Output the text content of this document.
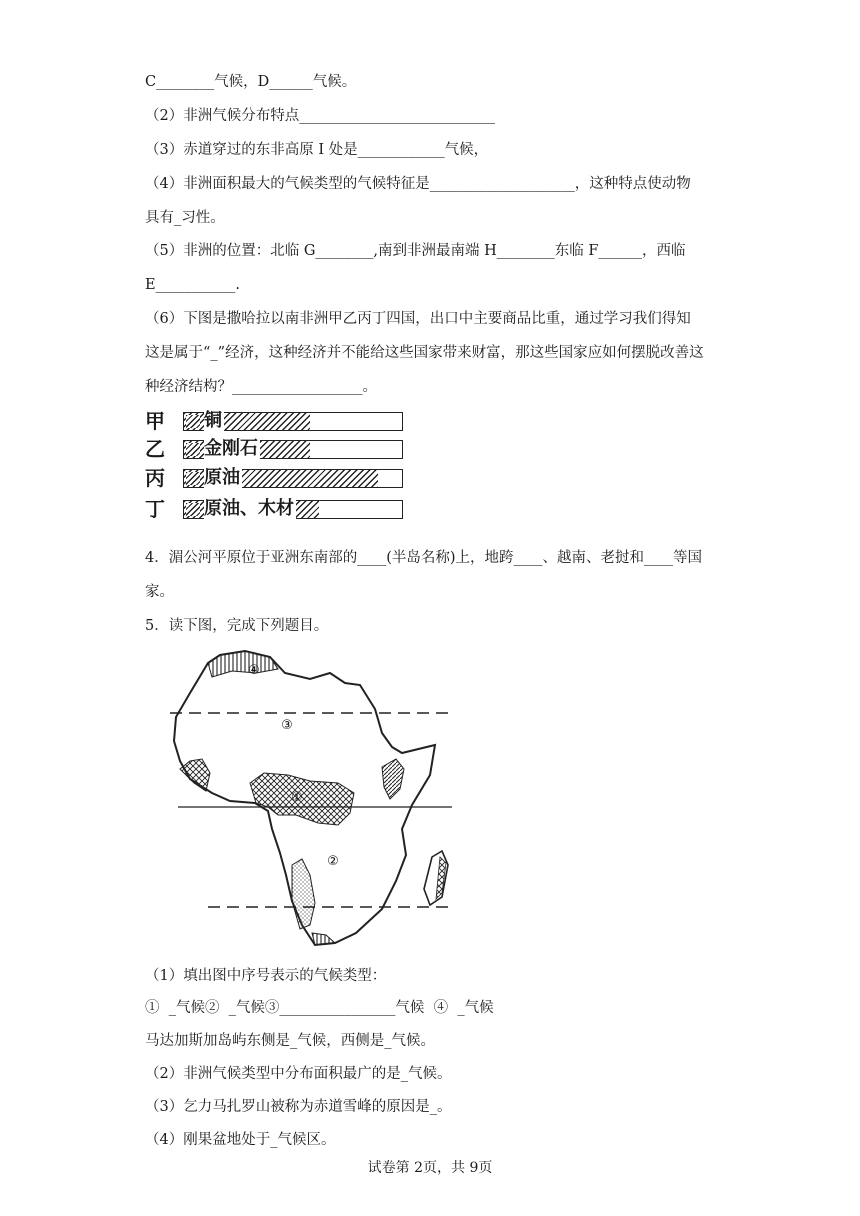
C________气候，D______气候。
（2）非洲气候分布特点___________________________
（3）赤道穿过的东非高原 I 处是____________气候，
（4）非洲面积最大的气候类型的气候特征是____________________，这种特点使动物
具有_习性。
（5）非洲的位置：北临 G________,南到非洲最南端 H________东临 F______，西临
E___________.
（6）下图是撒哈拉以南非洲甲乙丙丁四国，出口中主要商品比重，通过学习我们得知
这是属于“_”经济，这种经济并不能给这些国家带来财富，那这些国家应如何摆脱改善这
种经济结构？__________________。
甲 铜
乙 金刚石
丙 原油
丁 原油、木材
4．湄公河平原位于亚洲东南部的____(半岛名称)上，地跨____、越南、老挝和____等国
家。
5．读下图，完成下列题目。
④
③
①
②
（1）填出图中序号表示的气候类型：
①  _气候②  _气候③________________气候  ④  _气候
马达加斯加岛屿东侧是_气候，西侧是_气候。
（2）非洲气候类型中分布面积最广的是_气候。
（3）乞力马扎罗山被称为赤道雪峰的原因是_。
（4）刚果盆地处于_气候区。
试卷第 2页，共 9页
